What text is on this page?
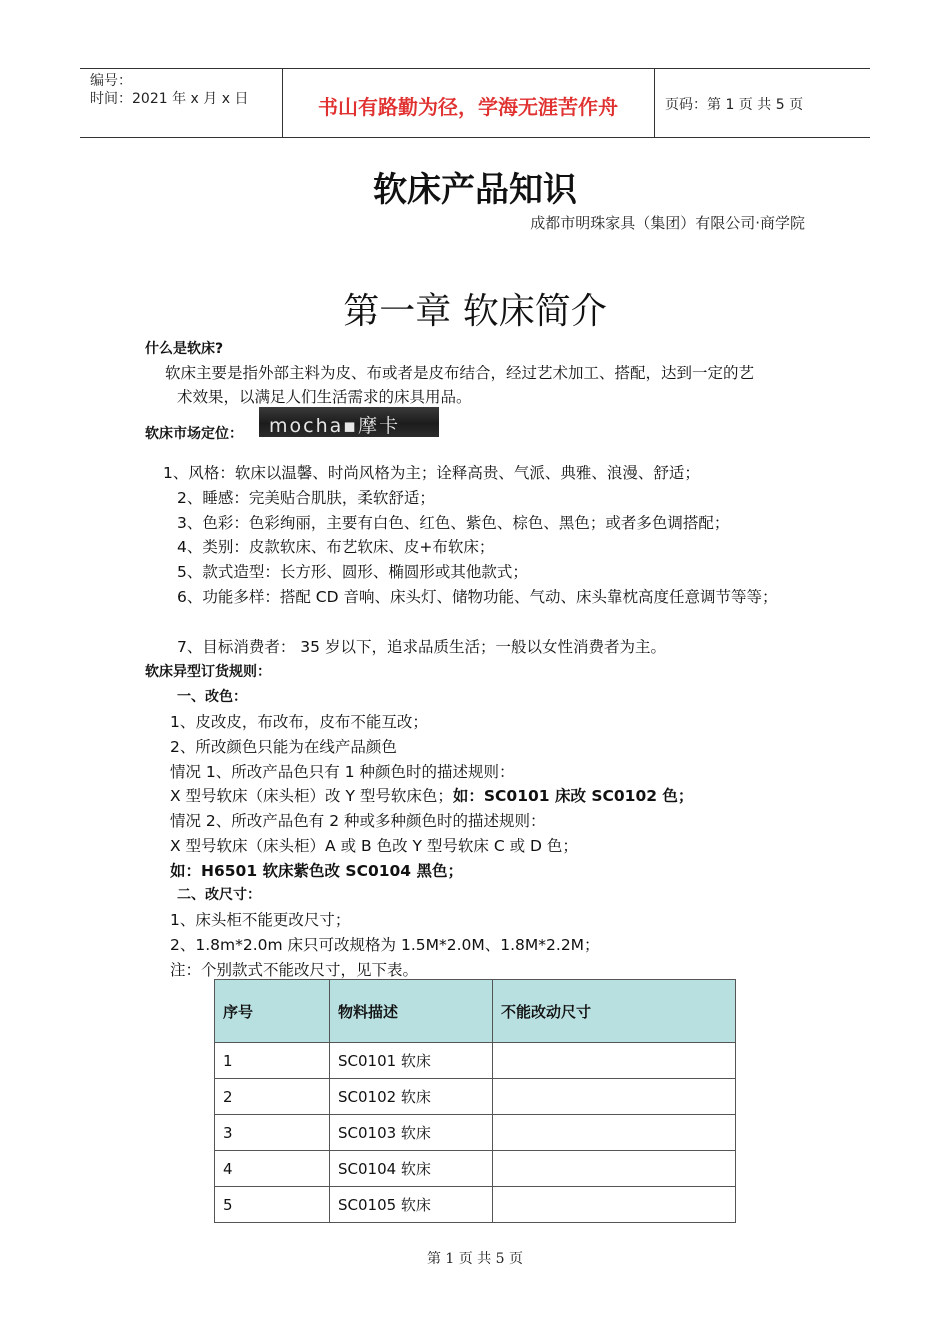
编号：
时间：2021 年 x 月 x 日	书山有路勤为径，学海无涯苦作舟	页码：第 1 页 共 5 页
软床产品知识
成都市明珠家具（集团）有限公司·商学院
第一章 软床简介
什么是软床?
软床主要是指外部主料为皮、布或者是皮布结合，经过艺术加工、搭配，达到一定的艺
术效果，以满足人们生活需求的床具用品。
软床市场定位： mocha▪摩卡
1、风格：软床以温馨、时尚风格为主；诠释高贵、气派、典雅、浪漫、舒适；
2、睡感：完美贴合肌肤，柔软舒适；
3、色彩：色彩绚丽，主要有白色、红色、紫色、棕色、黑色；或者多色调搭配；
4、类别：皮款软床、布艺软床、皮+布软床；
5、款式造型：长方形、圆形、椭圆形或其他款式；
6、功能多样：搭配 CD 音响、床头灯、储物功能、气动、床头靠枕高度任意调节等等；
7、目标消费者： 35 岁以下，追求品质生活；一般以女性消费者为主。
软床异型订货规则：
一、改色：
1、皮改皮，布改布，皮布不能互改；
2、所改颜色只能为在线产品颜色
情况 1、所改产品色只有 1 种颜色时的描述规则：
X 型号软床（床头柜）改 Y 型号软床色；如：SC0101 床改 SC0102 色；
情况 2、所改产品色有 2 种或多种颜色时的描述规则：
X 型号软床（床头柜）A 或 B 色改 Y 型号软床 C 或 D 色；
如：H6501 软床紫色改 SC0104 黑色；
二、改尺寸：
1、床头柜不能更改尺寸；
2、1.8m*2.0m 床只可改规格为 1.5M*2.0M、1.8M*2.2M；
注：个别款式不能改尺寸，见下表。
序号	物料描述	不能改动尺寸
1	SC0101 软床	
2	SC0102 软床	
3	SC0103 软床	
4	SC0104 软床	
5	SC0105 软床	
第 1 页 共 5 页
